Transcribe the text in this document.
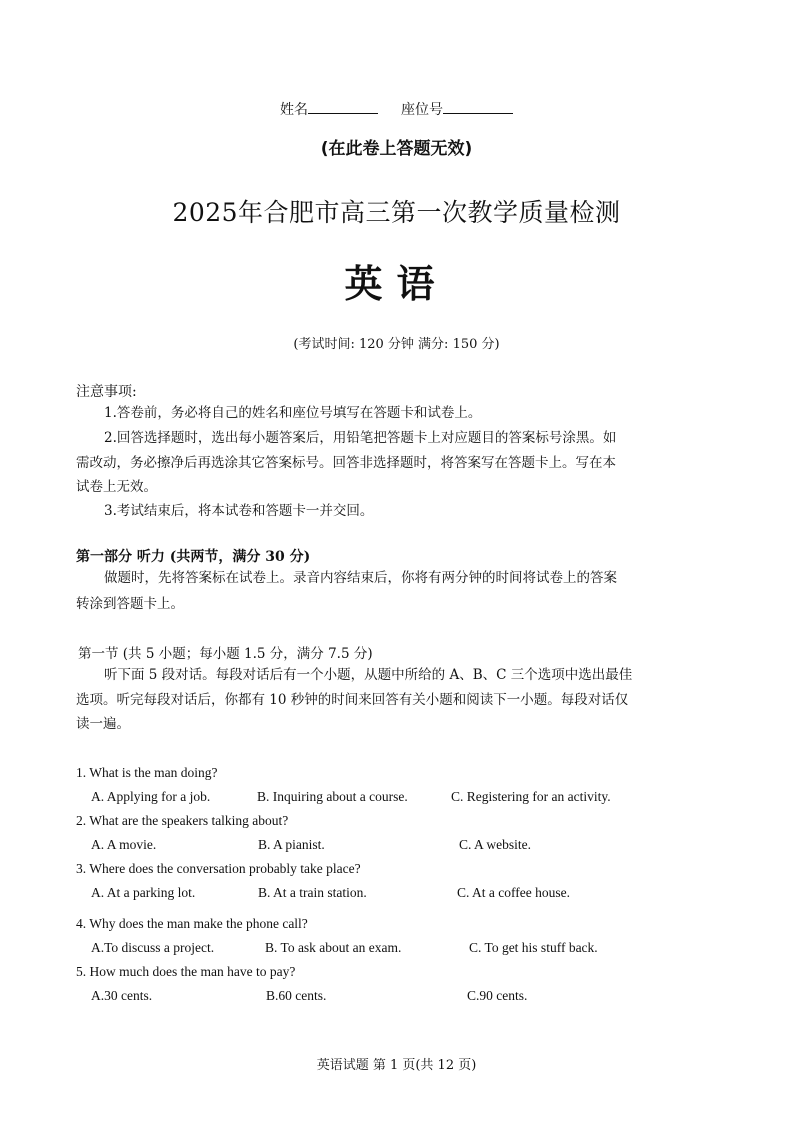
姓名	座位号
(在此卷上答题无效)
2025年合肥市高三第一次教学质量检测
英语
(考试时间: 120 分钟 满分: 150 分)
注意事项:
1.答卷前，务必将自己的姓名和座位号填写在答题卡和试卷上。
2.回答选择题时，选出每小题答案后，用铅笔把答题卡上对应题目的答案标号涂黑。如
需改动，务必擦净后再选涂其它答案标号。回答非选择题时，将答案写在答题卡上。写在本
试卷上无效。
3.考试结束后，将本试卷和答题卡一并交回。
第一部分 听力 (共两节，满分 30 分)
做题时，先将答案标在试卷上。录音内容结束后，你将有两分钟的时间将试卷上的答案
转涂到答题卡上。
第一节 (共 5 小题；每小题 1.5 分，满分 7.5 分)
听下面 5 段对话。每段对话后有一个小题，从题中所给的 A、B、C 三个选项中选出最佳
选项。听完每段对话后，你都有 10 秒钟的时间来回答有关小题和阅读下一小题。每段对话仅
读一遍。
1. What is the man doing?
A. Applying for a job.	B. Inquiring about a course.	C. Registering for an activity.
2. What are the speakers talking about?
A. A movie.	B. A pianist.	C. A website.
3. Where does the conversation probably take place?
A. At a parking lot.	B. At a train station.	C. At a coffee house.
4. Why does the man make the phone call?
A.To discuss a project.	B. To ask about an exam.	C. To get his stuff back.
5. How much does the man have to pay?
A.30 cents.	B.60 cents.	C.90 cents.
英语试题 第 1 页(共 12 页)
